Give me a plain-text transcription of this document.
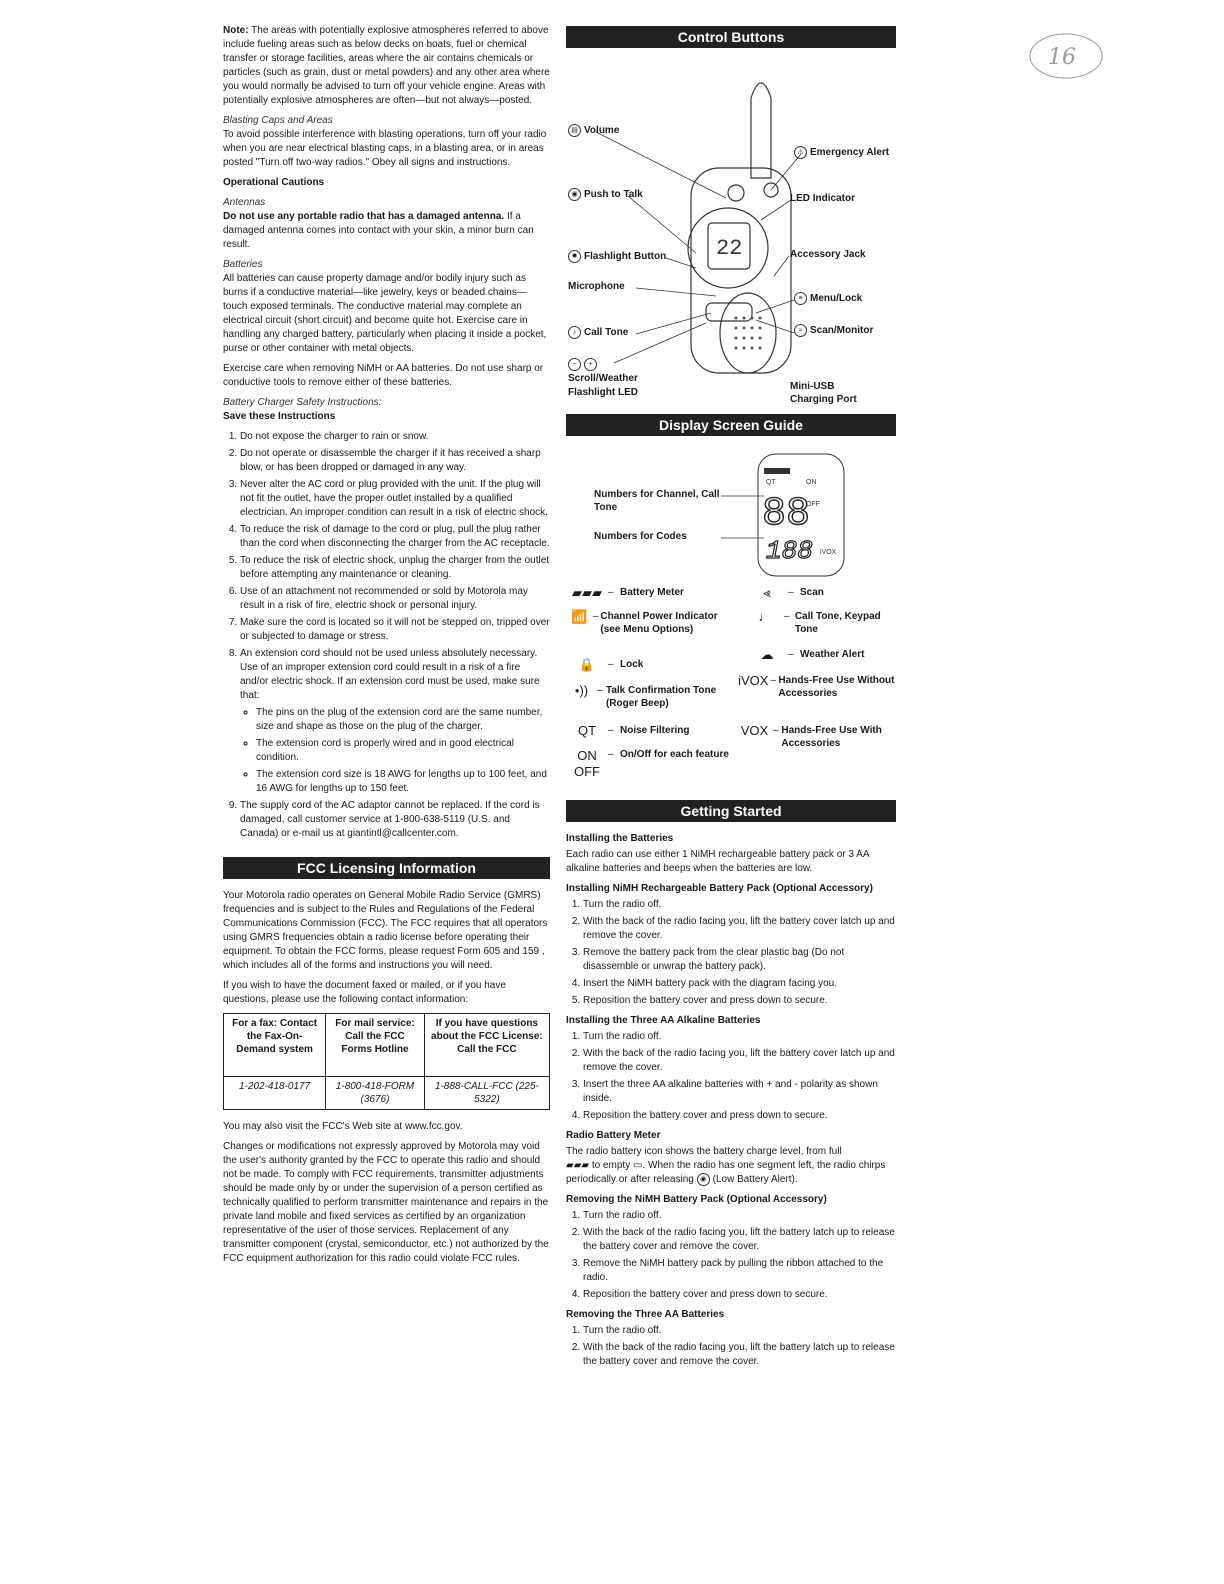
Note: The areas with potentially explosive atmospheres referred to above include fueling areas such as below decks on boats, fuel or chemical transfer or storage facilities, areas where the air contains chemicals or particles (such as grain, dust or metal powders) and any other area where you would normally be advised to turn off your vehicle engine. Areas with potentially explosive atmospheres are often—but not always—posted.

Blasting Caps and Areas

To avoid possible interference with blasting operations, turn off your radio when you are near electrical blasting caps, in a blasting area, or in areas posted "Turn off two-way radios." Obey all signs and instructions.

Operational Cautions

Antennas

Do not use any portable radio that has a damaged antenna. If a damaged antenna comes into contact with your skin, a minor burn can result.

Batteries

All batteries can cause property damage and/or bodily injury such as burns if a conductive material—like jewelry, keys or beaded chains—touch exposed terminals. The conductive material may complete an electrical circuit (short circuit) and become quite hot. Exercise care in handling any charged battery, particularly when placing it inside a pocket, purse or other container with metal objects.

Exercise care when removing NiMH or AA batteries. Do not use sharp or conductive tools to remove either of these batteries.

Battery Charger Safety Instructions:

Save these Instructions

1. Do not expose the charger to rain or snow.
2. Do not operate or disassemble the charger if it has received a sharp blow, or has been dropped or damaged in any way.
3. Never alter the AC cord or plug provided with the unit. If the plug will not fit the outlet, have the proper outlet installed by a qualified electrician. An improper condition can result in a risk of electric shock.
4. To reduce the risk of damage to the cord or plug, pull the plug rather than the cord when disconnecting the charger from the AC receptacle.
5. To reduce the risk of electric shock, unplug the charger from the outlet before attempting any maintenance or cleaning.
6. Use of an attachment not recommended or sold by Motorola may result in a risk of fire, electric shock or personal injury.
7. Make sure the cord is located so it will not be stepped on, tripped over or subjected to damage or stress.
8. An extension cord should not be used unless absolutely necessary. Use of an improper extension cord could result in a risk of a fire and/or electric shock. If an extension cord must be used, make sure that:
◦ The pins on the plug of the extension cord are the same number, size and shape as those on the plug of the charger.
◦ The extension cord is properly wired and in good electrical condition.
◦ The extension cord size is 18 AWG for lengths up to 100 feet, and 16 AWG for lengths up to 150 feet.
9. The supply cord of the AC adaptor cannot be replaced. If the cord is damaged, call customer service at 1-800-638-5119 (U.S. and Canada) or e-mail us at giantintl@callcenter.com.
FCC Licensing Information

Your Motorola radio operates on General Mobile Radio Service (GMRS) frequencies and is subject to the Rules and Regulations of the Federal Communications Commission (FCC). The FCC requires that all operators using GMRS frequencies obtain a radio license before operating their equipment. To obtain the FCC forms, please request Form 605 and 159 , which includes all of the forms and instructions you will need.

If you wish to have the document faxed or mailed, or if you have questions, please use the following contact information:

For a fax: Contact the Fax-On-Demand system	For mail service: Call the FCC Forms Hotline	If you have questions about the FCC License: Call the FCC
1-202-418-0177	1-800-418-FORM (3676)	1-888-CALL-FCC (225-5322)

You may also visit the FCC's Web site at www.fcc.gov.

Changes or modifications not expressly approved by Motorola may void the user's authority granted by the FCC to operate this radio and should not be made. To comply with FCC requirements, transmitter adjustments should be made only by or under the supervision of a person certified as technically qualified to perform transmitter maintenance and repairs in the private land mobile and fixed services as certified by an organization representative of the user of those services. Replacement of any transmitter component (crystal, semiconductor, etc.) not authorized by the FCC equipment authorization for this radio could violate FCC rules.

Control Buttons
22
▤ Volume
⚠ Emergency Alert
◉ Push to Talk	LED Indicator
✹ Flashlight Button	Accessory Jack
Microphone
≡ Menu/Lock
♪ Call Tone	≈ Scan/Monitor
− +
Scroll/Weather
Flashlight LED
Mini-USB Charging Port
Display Screen Guide
Numbers for Channel, Call Tone
Numbers for Codes
QT	ON
OFF
88
188 iVOX
▰▰▰ – Battery Meter
📶 – Channel Power Indicator (see Menu Options)
🔒	– Lock
•)) – Talk Confirmation Tone (Roger Beep)
QT	– Noise Filtering
ON
OFF
– On/Off for each feature
⪡	– Scan
♩	– Call Tone, Keypad Tone
☁	– Weather Alert
iVOX – Hands-Free Use Without Accessories
VOX – Hands-Free Use With Accessories
Getting Started

Installing the Batteries

Each radio can use either 1 NiMH rechargeable battery pack or 3 AA alkaline batteries and beeps when the batteries are low.

Installing NiMH Rechargeable Battery Pack (Optional Accessory)

1. Turn the radio off.
2. With the back of the radio facing you, lift the battery cover latch up and remove the cover.
3. Remove the battery pack from the clear plastic bag (Do not disassemble or unwrap the battery pack).
4. Insert the NiMH battery pack with the diagram facing you.
5. Reposition the battery cover and press down to secure.

Installing the Three AA Alkaline Batteries

1. Turn the radio off.
2. With the back of the radio facing you, lift the battery cover latch up and remove the cover.
3. Insert the three AA alkaline batteries with + and - polarity as shown inside.
4. Reposition the battery cover and press down to secure.

Radio Battery Meter

The radio battery icon shows the battery charge level, from full
▰▰▰ to empty ▭. When the radio has one segment left, the radio chirps periodically or after releasing ◉ (Low Battery Alert).

Removing the NiMH Battery Pack (Optional Accessory)

1. Turn the radio off.
2. With the back of the radio facing you, lift the battery latch up to release the battery cover and remove the cover.
3. Remove the NiMH battery pack by pulling the ribbon attached to the radio.
4. Reposition the battery cover and press down to secure.

Removing the Three AA Batteries

1. Turn the radio off.
2. With the back of the radio facing you, lift the battery latch up to release the battery cover and remove the cover.
16
